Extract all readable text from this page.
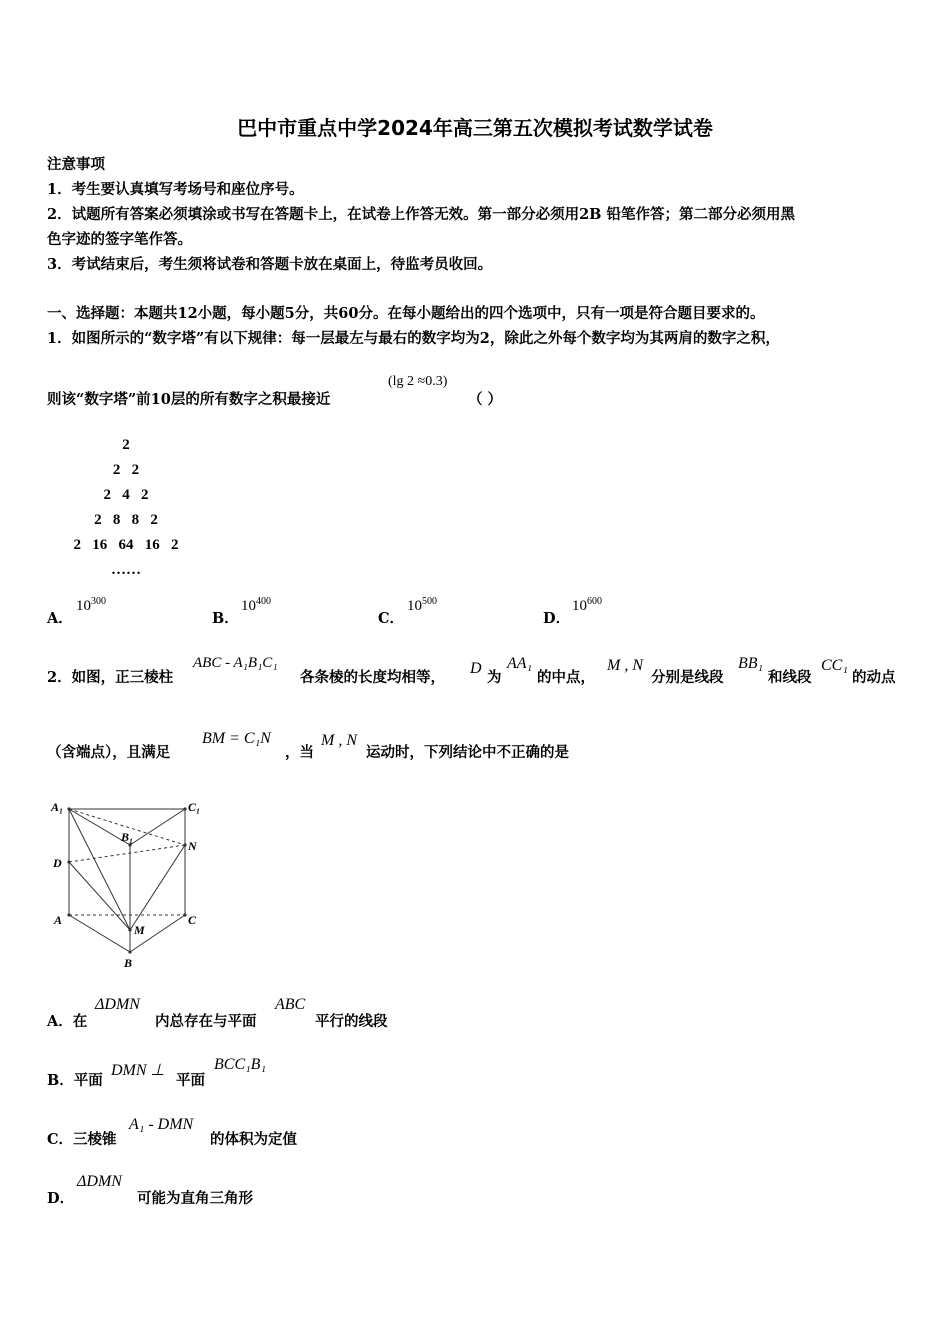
巴中市重点中学2024年高三第五次模拟考试数学试卷
注意事项
1．考生要认真填写考场号和座位序号。
2．试题所有答案必须填涂或书写在答题卡上，在试卷上作答无效。第一部分必须用2B 铅笔作答；第二部分必须用黑
色字迹的签字笔作答。
3．考试结束后，考生须将试卷和答题卡放在桌面上，待监考员收回。
一、选择题：本题共12小题，每小题5分，共60分。在每小题给出的四个选项中，只有一项是符合题目要求的。
1．如图所示的“数字塔”有以下规律：每一层最左与最右的数字均为2，除此之外每个数字均为其两肩的数字之积，
则该“数字塔”前10层的所有数字之积最接近
(lg 2 ≈0.3)
（ ）
2
2   2
2   4   2
2   8   8   2
2   16   64   16   2
……
A．
$10^{300}$
B．
$10^{400}$
C．
$10^{500}$
D．
$10^{600}$
2．如图，正三棱柱
ABC - A₁B₁C₁
各条棱的长度均相等，
D
为
AA₁
的中点，
M , N
分别是线段
BB₁
和线段
CC₁
的动点
（含端点），且满足
BM = C₁N
，当
M , N
运动时，下列结论中不正确的是
A₁	C₁
B₁
D
N
A	C
M
B
A．在
ΔDMN
内总存在与平面
ABC
平行的线段
B．平面
DMN ⊥
平面
BCC₁B₁
C．三棱锥
A₁ - DMN
的体积为定值
D．
ΔDMN
可能为直角三角形
